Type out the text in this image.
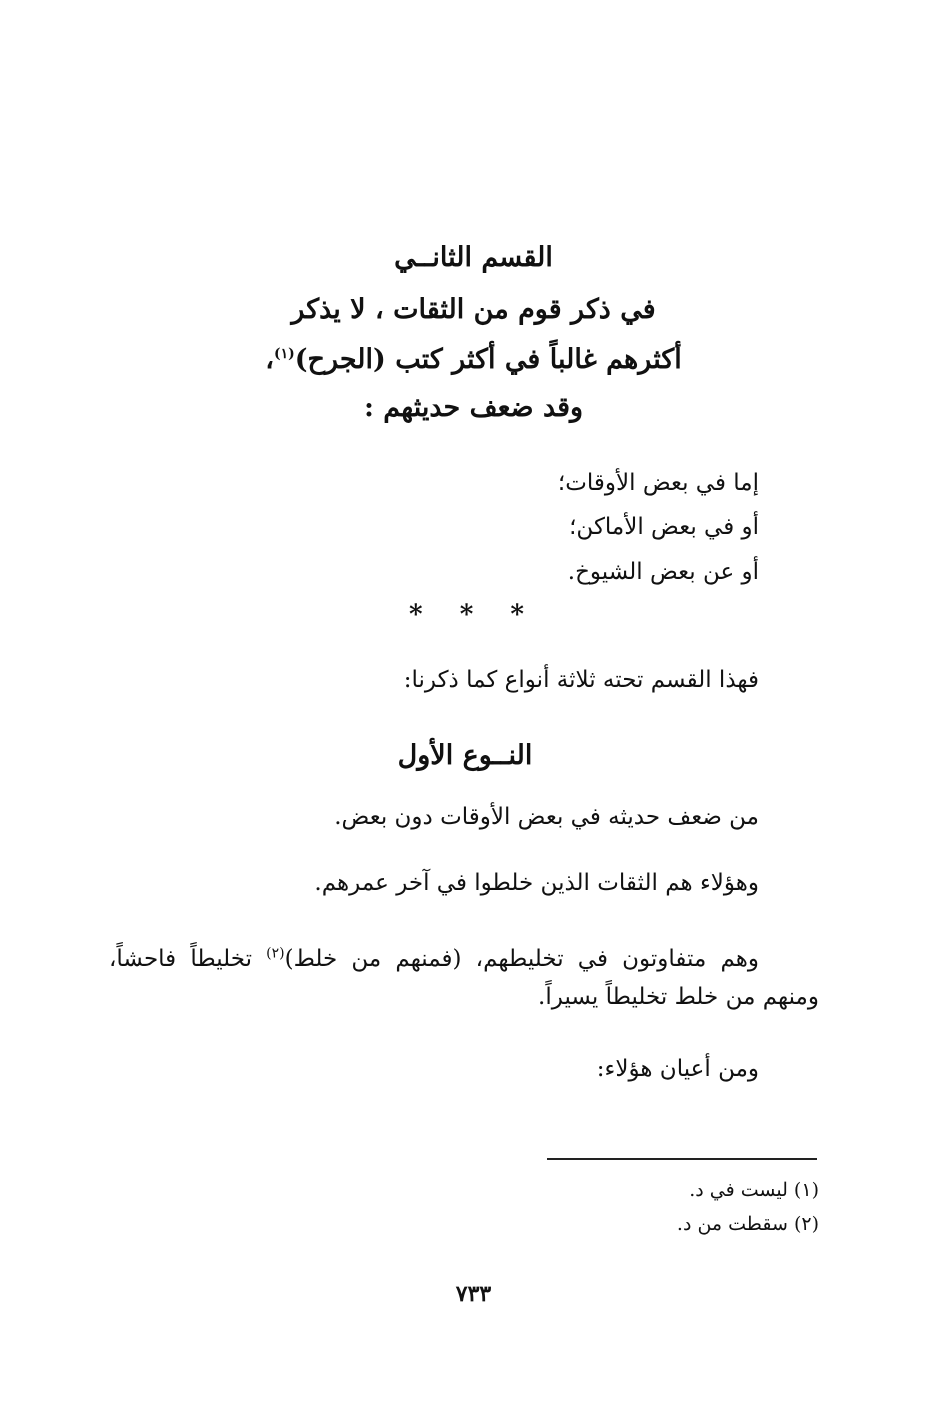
القسم الثانــي
في ذكر قوم من الثقات ، لا يذكر
أكثرهم غالباً في أكثر كتب (الجرح)$^{(١)}$،
وقد ضعف حديثهم :
إما في بعض الأوقات؛
أو في بعض الأماكن؛
أو عن بعض الشيوخ.
* * *
فهذا القسم تحته ثلاثة أنواع كما ذكرنا:
النــوع الأول
من ضعف حديثه في بعض الأوقات دون بعض.
وهؤلاء هم الثقات الذين خلطوا في آخر عمرهم.
وهم متفاوتون في تخليطهم، (فمنهم من خلط)$^{(٢)}$ تخليطاً فاحشاً، ومنهم من خلط تخليطاً يسيراً.
ومن أعيان هؤلاء:
(١) ليست في د.
(٢) سقطت من د.
٧٣٣
